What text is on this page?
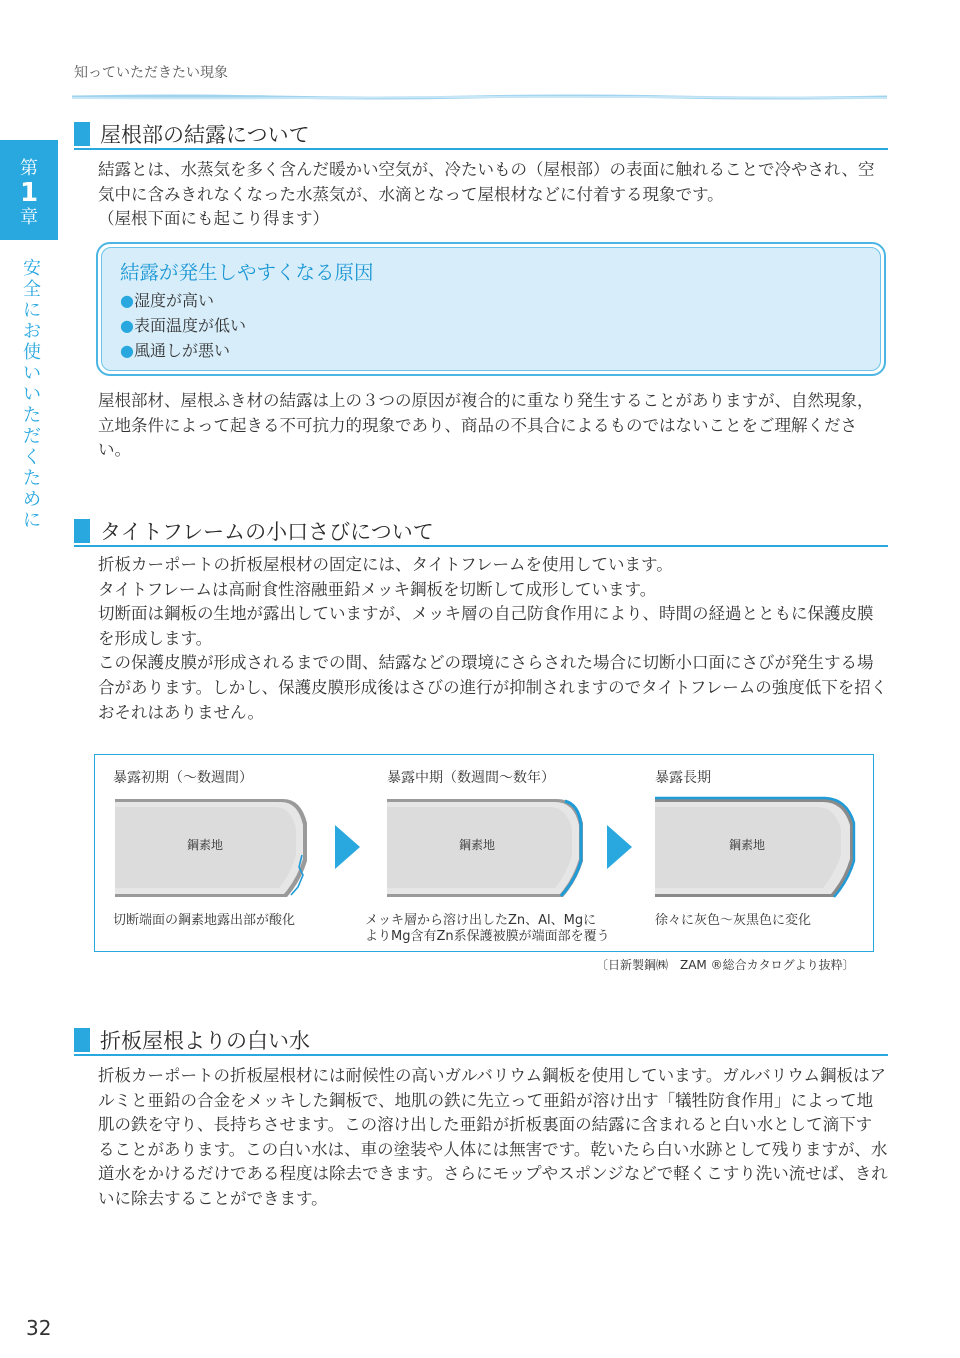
知っていただきたい現象
第
1
章
安全にお使いいただくために
屋根部の結露について

結露とは、水蒸気を多く含んだ暖かい空気が、冷たいもの（屋根部）の表面に触れることで冷やされ、空気中に含みきれなくなった水蒸気が、水滴となって屋根材などに付着する現象です。

（屋根下面にも起こり得ます）

結露が発生しやすくなる原因
●湿度が高い
●表面温度が低い
●風通しが悪い

屋根部材、屋根ふき材の結露は上の３つの原因が複合的に重なり発生することがありますが、自然現象，立地条件によって起きる不可抗力的現象であり、商品の不具合によるものではないことをご理解ください。

タイトフレームの小口さびについて

折板カーポートの折板屋根材の固定には、タイトフレームを使用しています。

タイトフレームは高耐食性溶融亜鉛メッキ鋼板を切断して成形しています。

切断面は鋼板の生地が露出していますが、メッキ層の自己防食作用により、時間の経過とともに保護皮膜を形成します。

この保護皮膜が形成されるまでの間、結露などの環境にさらされた場合に切断小口面にさびが発生する場合があります。しかし、保護皮膜形成後はさびの進行が抑制されますのでタイトフレームの強度低下を招くおそれはありません。

暴露初期（〜数週間）	暴露中期（数週間〜数年）	暴露長期
鋼素地	鋼素地	鋼素地
切断端面の鋼素地露出部が酸化	メッキ層から溶け出したZn、Al、Mgに
よりMg含有Zn系保護被膜が端面部を覆う
徐々に灰色〜灰黒色に変化
〔日新製鋼㈱　ZAM ®総合カタログより抜粋〕
折板屋根よりの白い水

折板カーポートの折板屋根材には耐候性の高いガルバリウム鋼板を使用しています。ガルバリウム鋼板はアルミと亜鉛の合金をメッキした鋼板で、地肌の鉄に先立って亜鉛が溶け出す「犠牲防食作用」によって地肌の鉄を守り、長持ちさせます。この溶け出した亜鉛が折板裏面の結露に含まれると白い水として滴下することがあります。この白い水は、車の塗装や人体には無害です。乾いたら白い水跡として残りますが、水道水をかけるだけである程度は除去できます。さらにモップやスポンジなどで軽くこすり洗い流せば、きれいに除去することができます。

32
